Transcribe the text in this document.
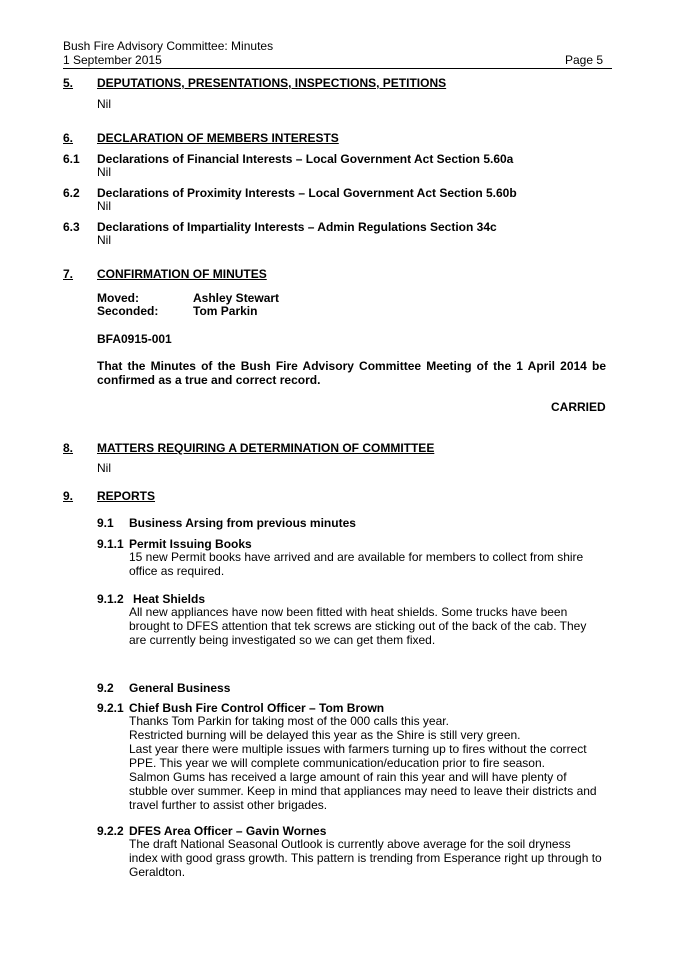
Bush Fire Advisory Committee: Minutes
1 September 2015	Page 5
5. DEPUTATIONS, PRESENTATIONS, INSPECTIONS, PETITIONS
Nil
6. DECLARATION OF MEMBERS INTERESTS
6.1 Declarations of Financial Interests – Local Government Act Section 5.60a
Nil
6.2 Declarations of Proximity Interests – Local Government Act Section 5.60b
Nil
6.3 Declarations of Impartiality Interests – Admin Regulations Section 34c
Nil
7. CONFIRMATION OF MINUTES
Moved:	Ashley Stewart
Seconded:	Tom Parkin
BFA0915-001
That the Minutes of the Bush Fire Advisory Committee Meeting of the 1 April 2014 be
confirmed as a true and correct record.
CARRIED
8. MATTERS REQUIRING A DETERMINATION OF COMMITTEE
Nil
9. REPORTS
9.1 Business Arsing from previous minutes
9.1.1 Permit Issuing Books
15 new Permit books have arrived and are available for members to collect from shire
office as required.
9.1.2 Heat Shields
All new appliances have now been fitted with heat shields. Some trucks have been
brought to DFES attention that tek screws are sticking out of the back of the cab. They
are currently being investigated so we can get them fixed.
9.2 General Business
9.2.1 Chief Bush Fire Control Officer – Tom Brown
Thanks Tom Parkin for taking most of the 000 calls this year.
Restricted burning will be delayed this year as the Shire is still very green.
Last year there were multiple issues with farmers turning up to fires without the correct
PPE. This year we will complete communication/education prior to fire season.
Salmon Gums has received a large amount of rain this year and will have plenty of
stubble over summer. Keep in mind that appliances may need to leave their districts and
travel further to assist other brigades.
9.2.2 DFES Area Officer – Gavin Wornes
The draft National Seasonal Outlook is currently above average for the soil dryness
index with good grass growth. This pattern is trending from Esperance right up through to
Geraldton.
